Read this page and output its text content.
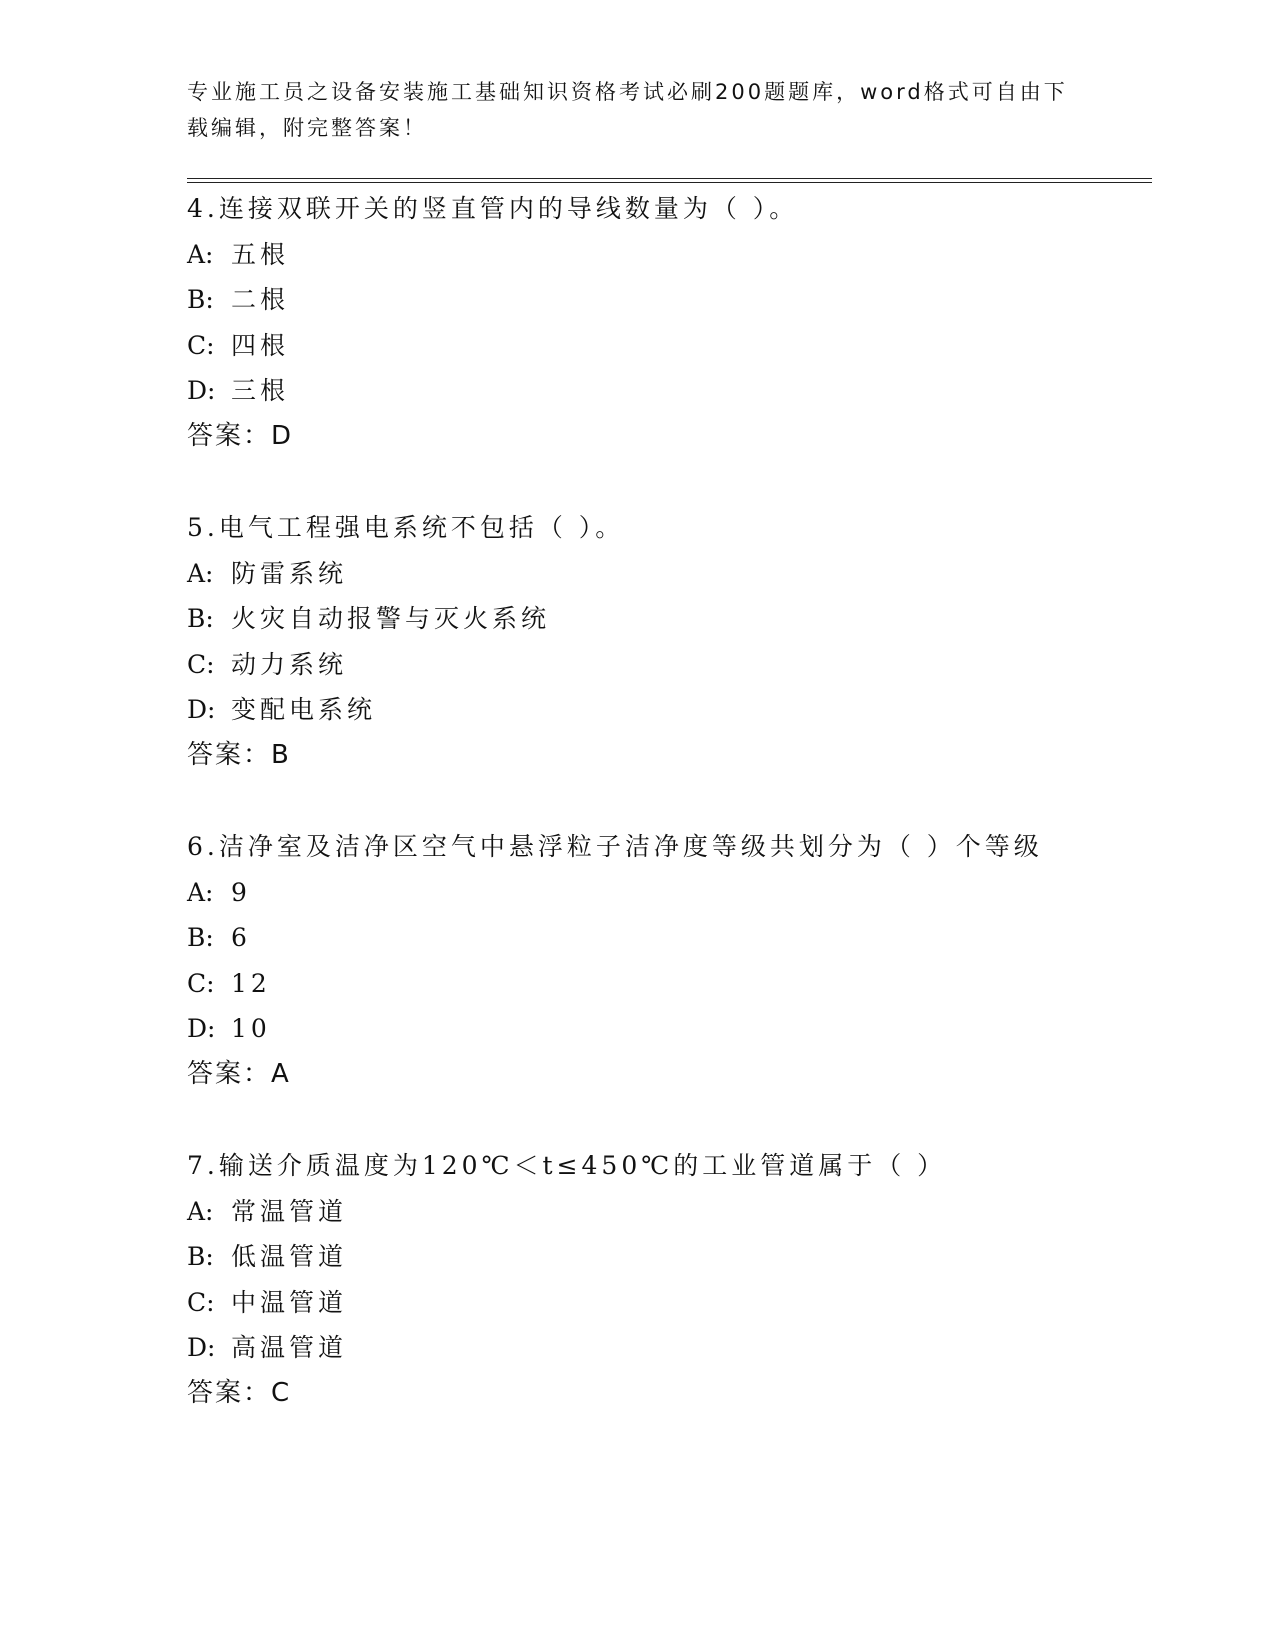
专业施工员之设备安装施工基础知识资格考试必刷200题题库，word格式可自由下载编辑，附完整答案！
4.连接双联开关的竖直管内的导线数量为（ ）。
A: 五根
B: 二根
C: 四根
D: 三根
答案：D
5.电气工程强电系统不包括（ ）。
A: 防雷系统
B: 火灾自动报警与灭火系统
C: 动力系统
D: 变配电系统
答案：B
6.洁净室及洁净区空气中悬浮粒子洁净度等级共划分为（ ）个等级
A: 9
B: 6
C: 12
D: 10
答案：A
7.输送介质温度为120℃＜t≤450℃的工业管道属于（ ）
A: 常温管道
B: 低温管道
C: 中温管道
D: 高温管道
答案：C
